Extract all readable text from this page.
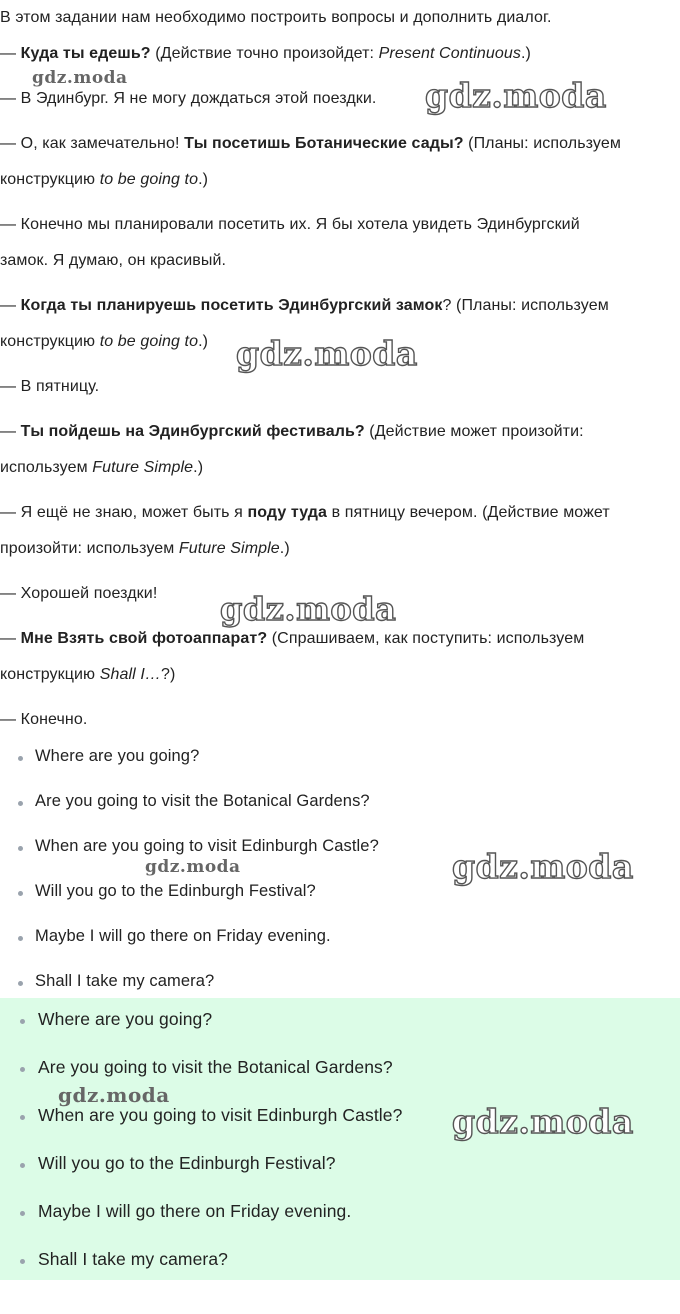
В этом задании нам необходимо построить вопросы и дополнить диалог.

— Куда ты едешь? (Действие точно произойдет: Present Continuous.)

— В Эдинбург. Я не могу дождаться этой поездки.

— О, как замечательно! Ты посетишь Ботанические сады? (Планы: используем

конструкцию to be going to.)

— Конечно мы планировали посетить их. Я бы хотела увидеть Эдинбургский

замок. Я думаю, он красивый.

— Когда ты планируешь посетить Эдинбургский замок? (Планы: используем

конструкцию to be going to.)

— В пятницу.

— Ты пойдешь на Эдинбургский фестиваль? (Действие может произойти:

используем Future Simple.)

— Я ещё не знаю, может быть я поду туда в пятницу вечером. (Действие может

произойти: используем Future Simple.)

— Хорошей поездки!

— Мне Взять свой фотоаппарат? (Спрашиваем, как поступить: используем

конструкцию Shall I…?)

— Конечно.

Where are you going?
Are you going to visit the Botanical Gardens?
When are you going to visit Edinburgh Castle?
Will you go to the Edinburgh Festival?
Maybe I will go there on Friday evening.
Shall I take my camera?
Where are you going?
Are you going to visit the Botanical Gardens?
When are you going to visit Edinburgh Castle?
Will you go to the Edinburgh Festival?
Maybe I will go there on Friday evening.
Shall I take my camera?
gdz.moda	gdz.moda
gdz.moda
gdz.moda
gdz.moda	gdz.moda
gdz.moda
gdz.moda
